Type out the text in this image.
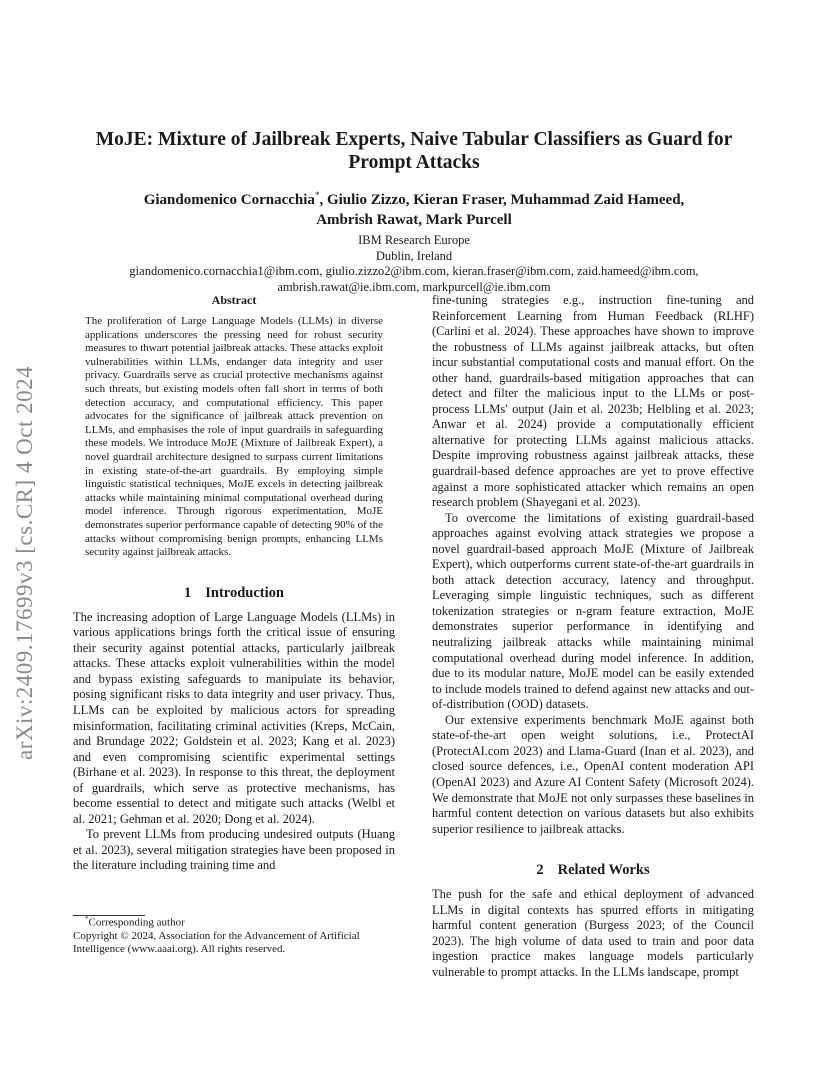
arXiv:2409.17699v3 [cs.CR] 4 Oct 2024
MoJE: Mixture of Jailbreak Experts, Naive Tabular Classifiers as Guard for
Prompt Attacks
Giandomenico Cornacchia*, Giulio Zizzo, Kieran Fraser, Muhammad Zaid Hameed,
Ambrish Rawat, Mark Purcell
IBM Research Europe
Dublin, Ireland
giandomenico.cornacchia1@ibm.com, giulio.zizzo2@ibm.com, kieran.fraser@ibm.com, zaid.hameed@ibm.com,
ambrish.rawat@ie.ibm.com, markpurcell@ie.ibm.com
Abstract

The proliferation of Large Language Models (LLMs) in diverse applications underscores the pressing need for robust security measures to thwart potential jailbreak attacks. These attacks exploit vulnerabilities within LLMs, endanger data integrity and user privacy. Guardrails serve as crucial protective mechanisms against such threats, but existing models often fall short in terms of both detection accuracy, and computational efficiency. This paper advocates for the significance of jailbreak attack prevention on LLMs, and emphasises the role of input guardrails in safeguarding these models. We introduce MoJE (Mixture of Jailbreak Expert), a novel guardrail architecture designed to surpass current limitations in existing state-of-the-art guardrails. By employing simple linguistic statistical techniques, MoJE excels in detecting jailbreak attacks while maintaining minimal computational overhead during model inference. Through rigorous experimentation, MoJE demonstrates superior performance capable of detecting 90% of the attacks without compromising benign prompts, enhancing LLMs security against jailbreak attacks.

1 Introduction

The increasing adoption of Large Language Models (LLMs) in various applications brings forth the critical issue of ensuring their security against potential attacks, particularly jailbreak attacks. These attacks exploit vulnerabilities within the model and bypass existing safeguards to manipulate its behavior, posing significant risks to data integrity and user privacy. Thus, LLMs can be exploited by malicious actors for spreading misinformation, facilitating criminal activities (Kreps, McCain, and Brundage 2022; Goldstein et al. 2023; Kang et al. 2023) and even compromising scientific experimental settings (Birhane et al. 2023). In response to this threat, the deployment of guardrails, which serve as protective mechanisms, has become essential to detect and mitigate such attacks (Welbl et al. 2021; Gehman et al. 2020; Dong et al. 2024).

To prevent LLMs from producing undesired outputs (Huang et al. 2023), several mitigation strategies have been proposed in the literature including training time and

*Corresponding author
Copyright © 2024, Association for the Advancement of Artificial
Intelligence (www.aaai.org). All rights reserved.

fine-tuning strategies e.g., instruction fine-tuning and Reinforcement Learning from Human Feedback (RLHF) (Carlini et al. 2024). These approaches have shown to improve the robustness of LLMs against jailbreak attacks, but often incur substantial computational costs and manual effort. On the other hand, guardrails-based mitigation approaches that can detect and filter the malicious input to the LLMs or post-process LLMs' output (Jain et al. 2023b; Helbling et al. 2023; Anwar et al. 2024) provide a computationally efficient alternative for protecting LLMs against malicious attacks. Despite improving robustness against jailbreak attacks, these guardrail-based defence approaches are yet to prove effective against a more sophisticated attacker which remains an open research problem (Shayegani et al. 2023).

To overcome the limitations of existing guardrail-based approaches against evolving attack strategies we propose a novel guardrail-based approach MoJE (Mixture of Jailbreak Expert), which outperforms current state-of-the-art guardrails in both attack detection accuracy, latency and throughput. Leveraging simple linguistic techniques, such as different tokenization strategies or n-gram feature extraction, MoJE demonstrates superior performance in identifying and neutralizing jailbreak attacks while maintaining minimal computational overhead during model inference. In addition, due to its modular nature, MoJE model can be easily extended to include models trained to defend against new attacks and out-of-distribution (OOD) datasets.

Our extensive experiments benchmark MoJE against both state-of-the-art open weight solutions, i.e., ProtectAI (ProtectAI.com 2023) and Llama-Guard (Inan et al. 2023), and closed source defences, i.e., OpenAI content moderation API (OpenAI 2023) and Azure AI Content Safety (Microsoft 2024). We demonstrate that MoJE not only surpasses these baselines in harmful content detection on various datasets but also exhibits superior resilience to jailbreak attacks.

2 Related Works

The push for the safe and ethical deployment of advanced LLMs in digital contexts has spurred efforts in mitigating harmful content generation (Burgess 2023; of the Council 2023). The high volume of data used to train and poor data ingestion practice makes language models particularly vulnerable to prompt attacks. In the LLMs landscape, prompt
